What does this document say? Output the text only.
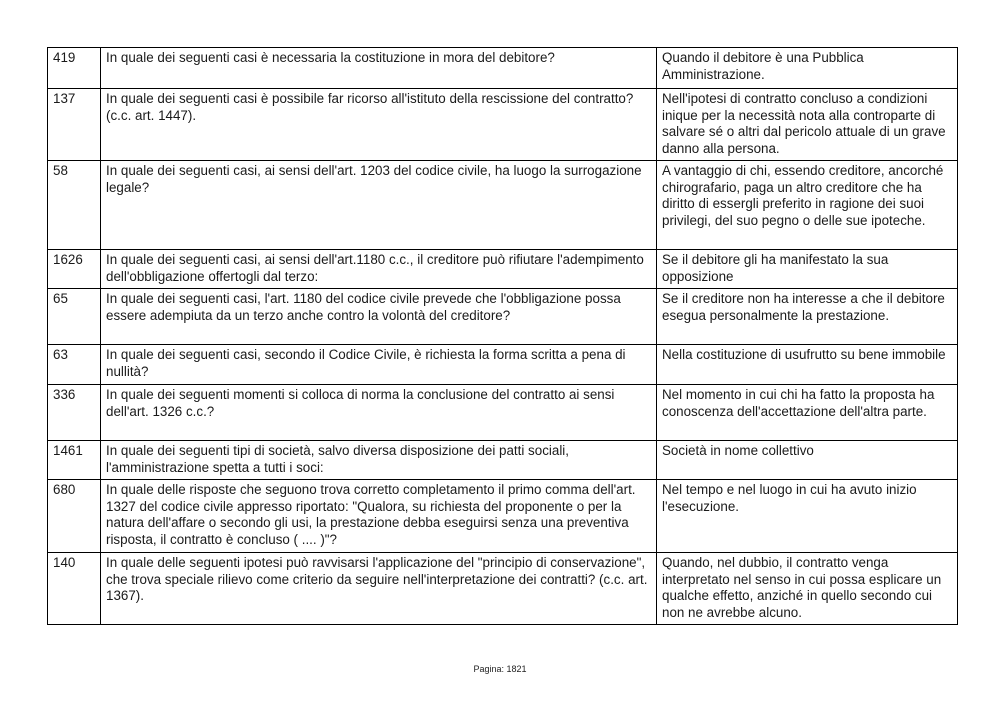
419	In quale dei seguenti casi è necessaria la costituzione in mora del debitore?	Quando il debitore è una Pubblica Amministrazione.
137	In quale dei seguenti casi è possibile far ricorso all'istituto della rescissione del contratto? (c.c. art. 1447).	Nell'ipotesi di contratto concluso a condizioni inique per la necessità nota alla controparte di salvare sé o altri dal pericolo attuale di un grave danno alla persona.
58	In quale dei seguenti casi, ai sensi dell'art. 1203 del codice civile, ha luogo la surrogazione legale?	A vantaggio di chi, essendo creditore, ancorché chirografario, paga un altro creditore che ha diritto di essergli preferito in ragione dei suoi privilegi, del suo pegno o delle sue ipoteche.
1626	In quale dei seguenti casi, ai sensi dell'art.1180 c.c., il creditore può rifiutare l'adempimento dell'obbligazione offertogli dal terzo:	Se il debitore gli ha manifestato la sua opposizione
65	In quale dei seguenti casi, l'art. 1180 del codice civile prevede che l'obbligazione possa essere adempiuta da un terzo anche contro la volontà del creditore?	Se il creditore non ha interesse a che il debitore esegua personalmente la prestazione.
63	In quale dei seguenti casi, secondo il Codice Civile, è richiesta la forma scritta a pena di nullità?	Nella costituzione di usufrutto su bene immobile
336	In quale dei seguenti momenti si colloca di norma la conclusione del contratto ai sensi dell'art. 1326 c.c.?	Nel momento in cui chi ha fatto la proposta ha conoscenza dell'accettazione dell'altra parte.
1461	In quale dei seguenti tipi di società, salvo diversa disposizione dei patti sociali, l'amministrazione spetta a tutti i soci:	Società in nome collettivo
680	In quale delle risposte che seguono trova corretto completamento il primo comma dell'art. 1327 del codice civile appresso riportato: "Qualora, su richiesta del proponente o per la natura dell'affare o secondo gli usi, la prestazione debba eseguirsi senza una preventiva risposta, il contratto è concluso ( .... )"?	Nel tempo e nel luogo in cui ha avuto inizio l'esecuzione.
140	In quale delle seguenti ipotesi può ravvisarsi l'applicazione del "principio di conservazione", che trova speciale rilievo come criterio da seguire nell'interpretazione dei contratti? (c.c. art. 1367).	Quando, nel dubbio, il contratto venga interpretato nel senso in cui possa esplicare un qualche effetto, anziché in quello secondo cui non ne avrebbe alcuno.
Pagina: 1821
